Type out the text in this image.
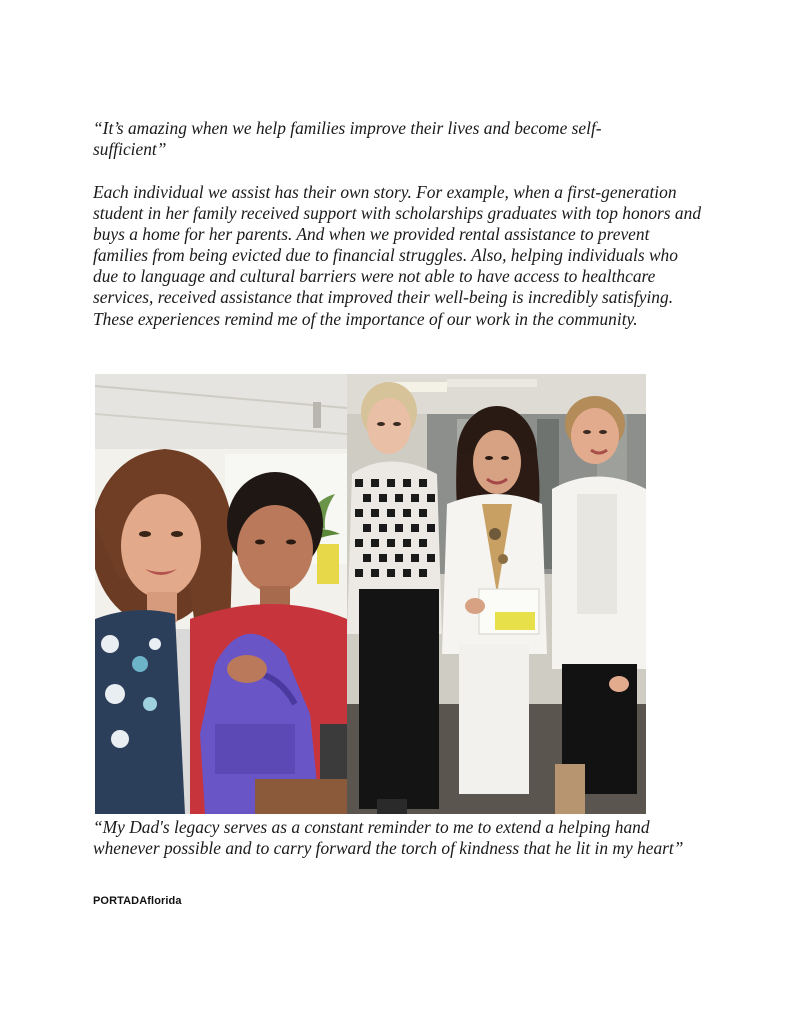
“It’s amazing when we help families improve their lives and become self-sufficient”

Each individual we assist has their own story. For example, when a first-generation student in her family received support with scholarships graduates with top honors and buys a home for her parents. And when we provided rental assistance to prevent families from being evicted due to financial struggles. Also, helping individuals who due to language and cultural barriers were not able to have access to healthcare services, received assistance that improved their well-being is incredibly satisfying. These experiences remind me of the importance of our work in the community.

“My Dad's legacy serves as a constant reminder to me to extend a helping hand whenever possible and to carry forward the torch of kindness that he lit in my heart”

PORTADAflorida
